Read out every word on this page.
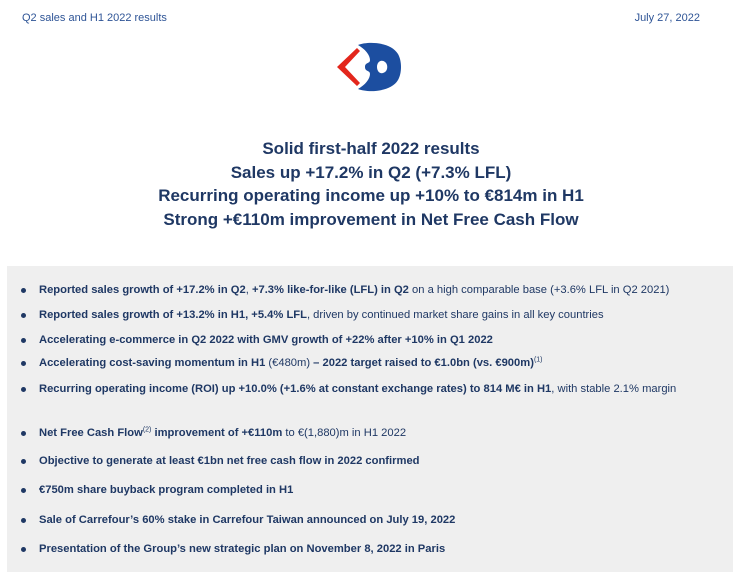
Q2 sales and H1 2022 results	July 27, 2022

Solid first-half 2022 results

Sales up +17.2% in Q2 (+7.3% LFL)

Recurring operating income up +10% to €814m in H1

Strong +€110m improvement in Net Free Cash Flow

Reported sales growth of +17.2% in Q2, +7.3% like-for-like (LFL) in Q2 on a high comparable base (+3.6% LFL in Q2 2021)
Reported sales growth of +13.2% in H1, +5.4% LFL, driven by continued market share gains in all key countries
Accelerating e-commerce in Q2 2022 with GMV growth of +22% after +10% in Q1 2022
Accelerating cost-saving momentum in H1 (€480m) – 2022 target raised to €1.0bn (vs. €900m)$^{(1)}$
Recurring operating income (ROI) up +10.0% (+1.6% at constant exchange rates) to 814 M€ in H1, with stable 2.1% margin
Net Free Cash Flow$^{(2)}$ improvement of +€110m to €(1,880)m in H1 2022
Objective to generate at least €1bn net free cash flow in 2022 confirmed
€750m share buyback program completed in H1
Sale of Carrefour’s 60% stake in Carrefour Taiwan announced on July 19, 2022
Presentation of the Group’s new strategic plan on November 8, 2022 in Paris
